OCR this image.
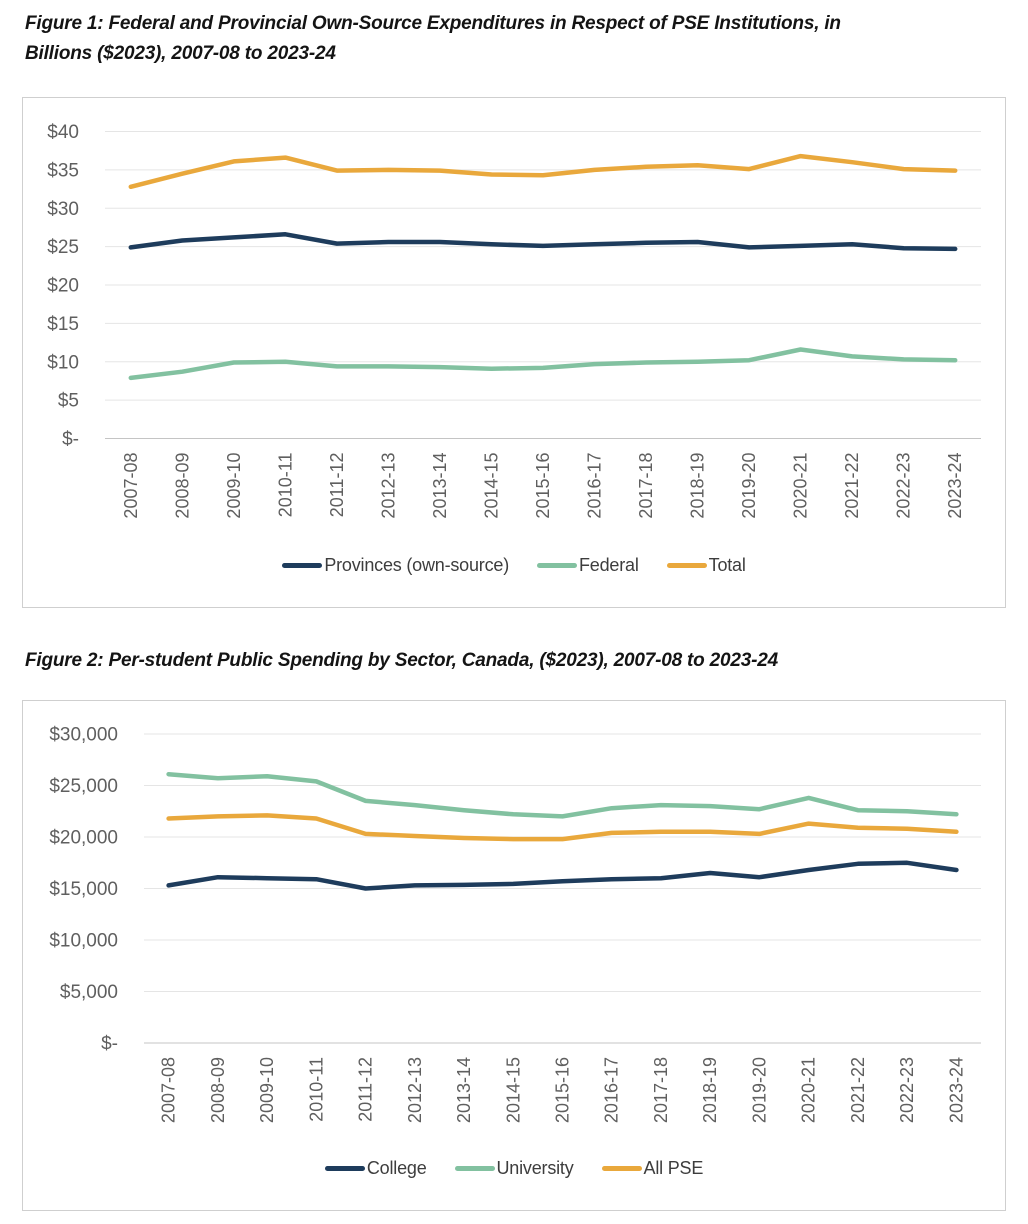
Figure 1: Federal and Provincial Own-Source Expenditures in Respect of PSE Institutions, in Billions ($2023), 2007-08 to 2023-24
$-
$5
$10
$15
$20
$25
$30
$35
$40
2007-08 2008-09 2009-10 2010-11 2011-12 2012-13 2013-14 2014-15 2015-16 2016-17 2017-18 2018-19 2019-20 2020-21 2021-22 2022-23 2023-24
Provinces (own-source)	Federal	Total
Figure 2: Per-student Public Spending by Sector, Canada, ($2023), 2007-08 to 2023-24
$-
$5,000
$10,000
$15,000
$20,000
$25,000
$30,000
2007-08 2008-09 2009-10 2010-11 2011-12 2012-13 2013-14 2014-15 2015-16 2016-17 2017-18 2018-19 2019-20 2020-21 2021-22 2022-23 2023-24
College	University	All PSE
